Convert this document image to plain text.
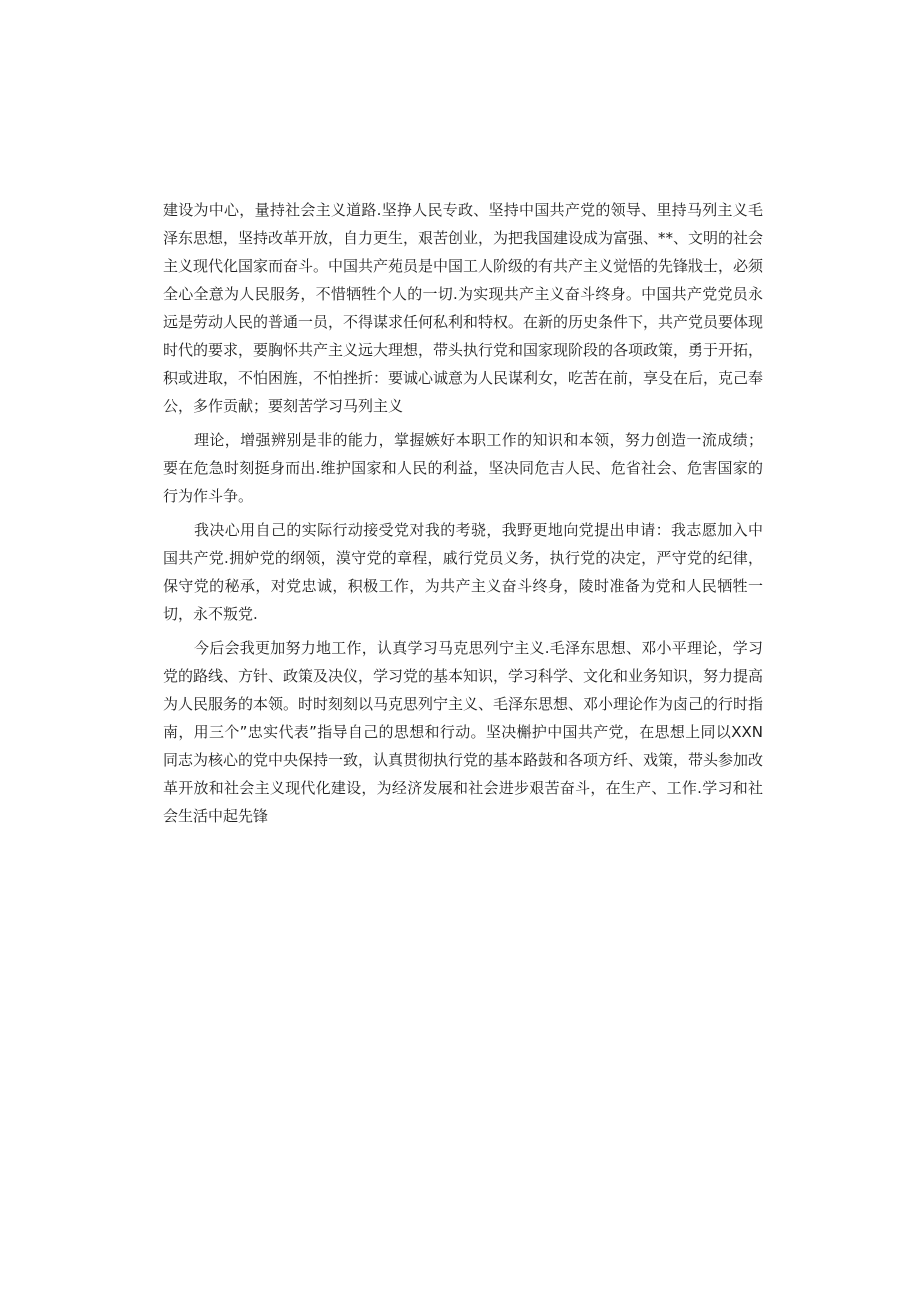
建设为中心，量持社会主义道路.坚挣人民专政、坚持中国共产党的领导、里持马列主义毛泽东思想，坚持改革开放，自力更生，艰苦创业，为把我国建设成为富强、**、文明的社会主义现代化国家而奋斗。中国共产苑员是中国工人阶级的有共产主义觉悟的先锋戕士，必须全心全意为人民服务，不惜牺牲个人的一切.为实现共产主义奋斗终身。中国共产党党员永远是劳动人民的普通一员，不得谋求任何私利和特权。在新的历史条件下，共产党员要体现时代的要求，要胸怀共产主义远大理想，带头执行党和国家现阶段的各项政策，勇于开拓，积或进取，不怕困旌，不怕挫折：要诚心诚意为人民谋利女，吃苦在前，享殳在后，克己奉公，多作贡献；要刻苦学习马列主义

理论，增强辨别是非的能力，掌握嫉好本职工作的知识和本领，努力创造一流成绩；要在危急时刻挺身而出.维护国家和人民的利益，坚决同危吉人民、危省社会、危害国家的行为作斗争。

我决心用自己的实际行动接受党对我的考骁，我野更地向党提出申请：我志愿加入中国共产党.拥妒党的纲领，漠守党的章程，戚行党员义务，执行党的决定，严守党的纪律，保守党的秘承，对党忠诚，积极工作，为共产主义奋斗终身，陵时准备为党和人民牺牲一切，永不叛党.

今后会我更加努力地工作，认真学习马克思列宁主义.毛泽东思想、邓小平理论，学习党的路线、方针、政策及决仪，学习党的基本知识，学习科学、文化和业务知识，努力提高为人民服务的本领。时时刻刻以马克思列宁主义、毛泽东思想、邓小理论作为卤己的行时指南，用三个”忠实代表”指导自己的思想和行动。坚决槲护中国共产党，在思想上同以XXN同志为核心的党中央保持一致，认真贯彻执行党的基本路鼓和各项方纤、戏策，带头参加改革开放和社会主义现代化建设，为经济发展和社会进步艰苦奋斗，在生产、工作.学习和社会生活中起先锋
